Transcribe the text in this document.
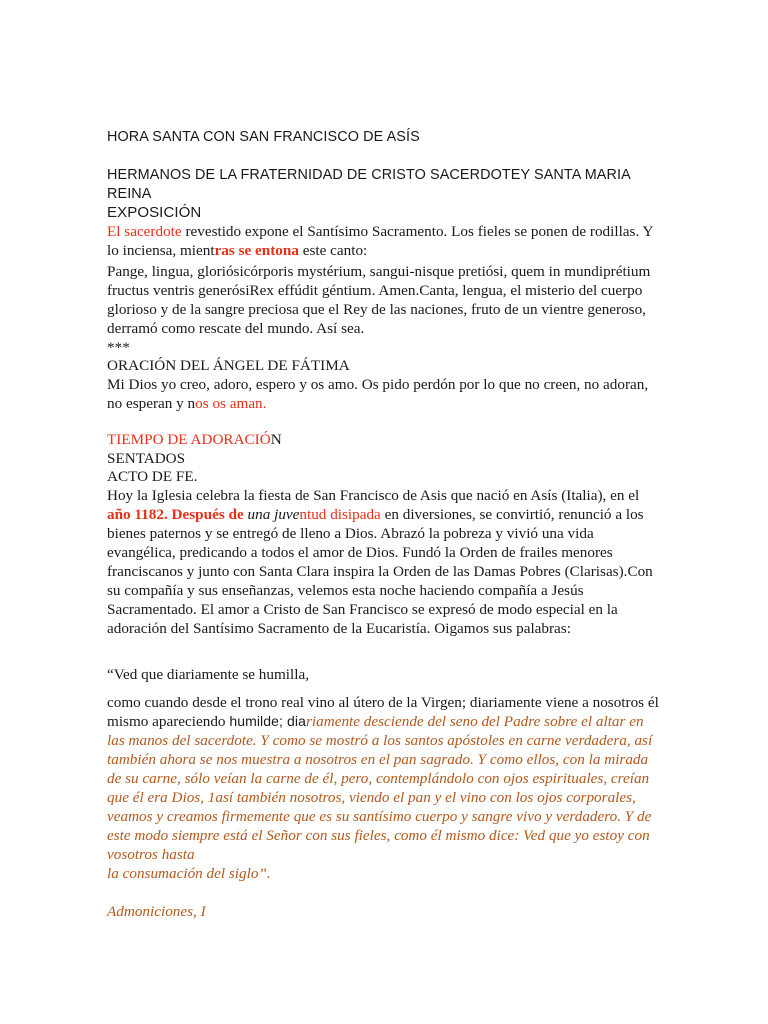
HORA SANTA CON SAN FRANCISCO DE ASÍS
HERMANOS DE LA FRATERNIDAD DE CRISTO SACERDOTEY SANTA MARIA
REINA
EXPOSICIÓN
El sacerdote revestido expone el Santísimo Sacramento. Los fieles se ponen de rodillas. Y
lo inciensa, mientras se entona este canto:
Pange, lingua, gloriósicórporis mystérium, sangui-nisque pretiósi, quem in mundiprétium
fructus ventris generósiRex effúdit géntium. Amen.Canta, lengua, el misterio del cuerpo
glorioso y de la sangre preciosa que el Rey de las naciones, fruto de un vientre generoso,
derramó como rescate del mundo. Así sea.
***
ORACIÓN DEL ÁNGEL DE FÁTIMA
Mi Dios yo creo, adoro, espero y os amo. Os pido perdón por lo que no creen, no adoran,
no esperan y nos os aman.
TIEMPO DE ADORACIÓN
SENTADOS
ACTO DE FE.
Hoy la Iglesia celebra la fiesta de San Francisco de Asis que nació en Asís (Italia), en el
año 1182. Después de una juventud disipada en diversiones, se convirtió, renunció a los
bienes paternos y se entregó de lleno a Dios. Abrazó la pobreza y vivió una vida
evangélica, predicando a todos el amor de Dios. Fundó la Orden de frailes menores
franciscanos y junto con Santa Clara inspira la Orden de las Damas Pobres (Clarisas).Con
su compañía y sus enseñanzas, velemos esta noche haciendo compañía a Jesús
Sacramentado. El amor a Cristo de San Francisco se expresó de modo especial en la
adoración del Santísimo Sacramento de la Eucaristía. Oigamos sus palabras:
“Ved que diariamente se humilla,
como cuando desde el trono real vino al útero de la Virgen; diariamente viene a nosotros él
mismo apareciendo humilde; diariamente desciende del seno del Padre sobre el altar en
las manos del sacerdote. Y como se mostró a los santos apóstoles en carne verdadera, así
también ahora se nos muestra a nosotros en el pan sagrado. Y como ellos, con la mirada
de su carne, sólo veían la carne de él, pero, contemplándolo con ojos espirituales, creían
que él era Dios, 1así también nosotros, viendo el pan y el vino con los ojos corporales,
veamos y creamos firmemente que es su santísimo cuerpo y sangre vivo y verdadero. Y de
este modo siempre está el Señor con sus fieles, como él mismo dice: Ved que yo estoy con
vosotros hasta
la consumación del siglo”.
Admoniciones, I
